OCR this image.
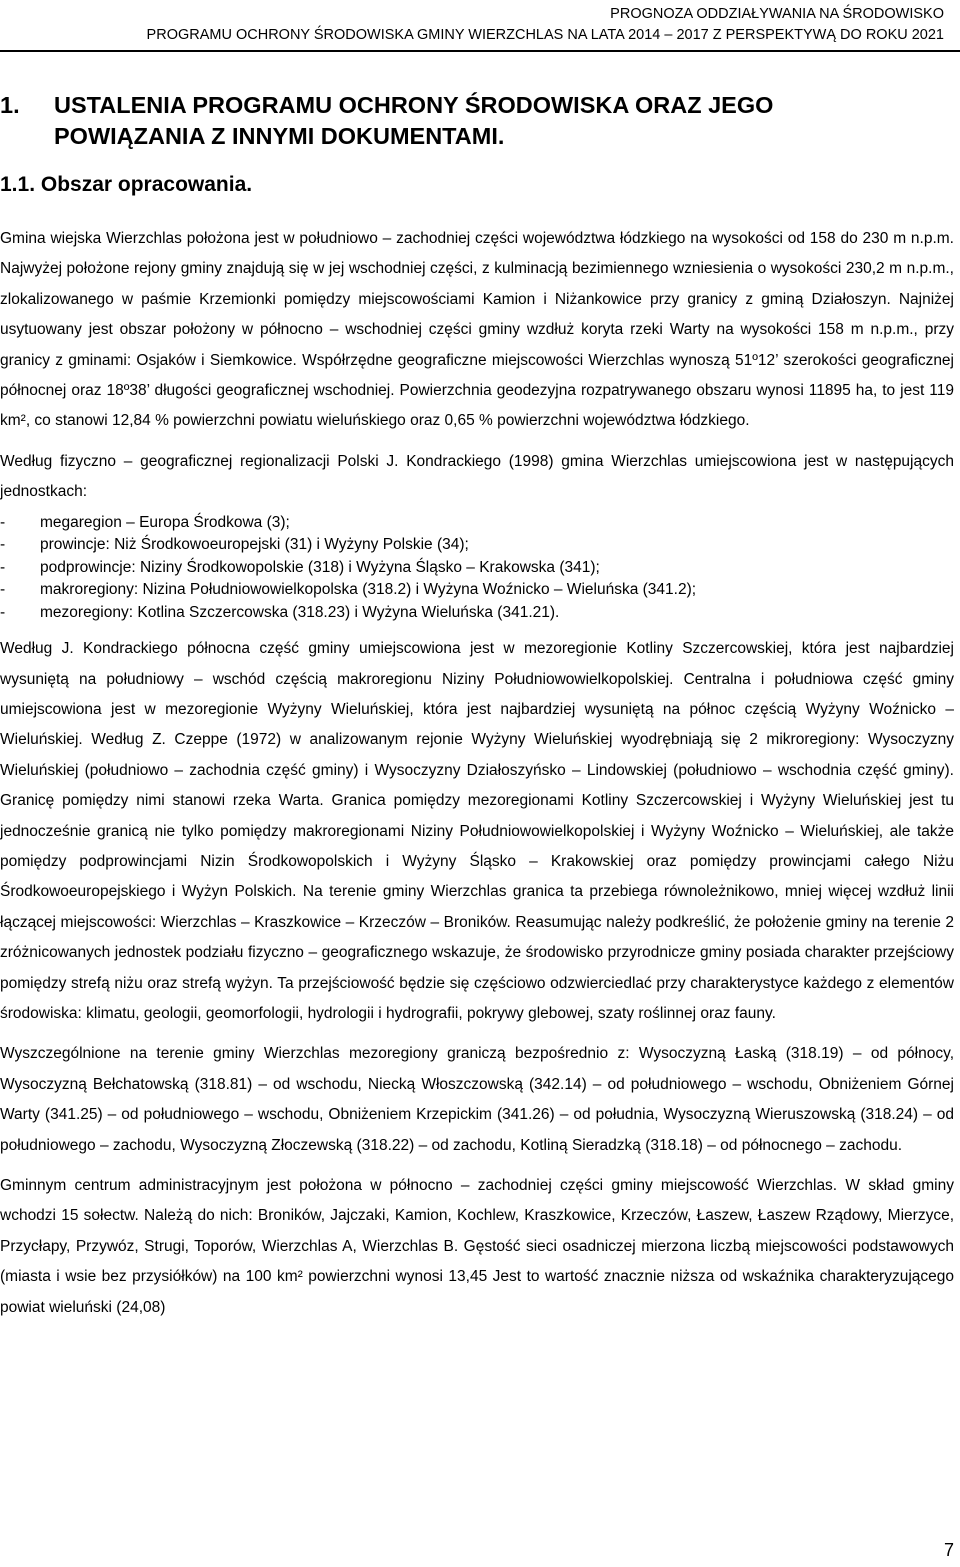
PROGNOZA ODDZIAŁYWANIA NA ŚRODOWISKO
PROGRAMU OCHRONY ŚRODOWISKA GMINY WIERZCHLAS NA LATA 2014 – 2017 Z PERSPEKTYWĄ DO ROKU 2021
1. USTALENIA PROGRAMU OCHRONY ŚRODOWISKA ORAZ JEGO
POWIĄZANIA Z INNYMI DOKUMENTAMI.
1.1. Obszar opracowania.

Gmina wiejska Wierzchlas położona jest w południowo – zachodniej części województwa łódzkiego na wysokości od 158 do 230 m n.p.m. Najwyżej położone rejony gminy znajdują się w jej wschodniej części, z kulminacją bezimiennego wzniesienia o wysokości 230,2 m n.p.m., zlokalizowanego w paśmie Krzemionki pomiędzy miejscowościami Kamion i Niżankowice przy granicy z gminą Działoszyn. Najniżej usytuowany jest obszar położony w północno – wschodniej części gminy wzdłuż koryta rzeki Warty na wysokości 158 m n.p.m., przy granicy z gminami: Osjaków i Siemkowice. Współrzędne geograficzne miejscowości Wierzchlas wynoszą 51º12’ szerokości geograficznej północnej oraz 18º38’ długości geograficznej wschodniej. Powierzchnia geodezyjna rozpatrywanego obszaru wynosi 11895 ha, to jest 119 km², co stanowi 12,84 % powierzchni powiatu wieluńskiego oraz 0,65 % powierzchni województwa łódzkiego.

Według fizyczno – geograficznej regionalizacji Polski J. Kondrackiego (1998) gmina Wierzchlas umiejscowiona jest w następujących jednostkach:

- megaregion – Europa Środkowa (3);
- prowincje: Niż Środkowoeuropejski (31) i Wyżyny Polskie (34);
- podprowincje: Niziny Środkowopolskie (318) i Wyżyna Śląsko – Krakowska (341);
- makroregiony: Nizina Południowowielkopolska (318.2) i Wyżyna Woźnicko – Wieluńska (341.2);
- mezoregiony: Kotlina Szczercowska (318.23) i Wyżyna Wieluńska (341.21).

Według J. Kondrackiego północna część gminy umiejscowiona jest w mezoregionie Kotliny Szczercowskiej, która jest najbardziej wysuniętą na południowy – wschód częścią makroregionu Niziny Południowowielkopolskiej. Centralna i południowa część gminy umiejscowiona jest w mezoregionie Wyżyny Wieluńskiej, która jest najbardziej wysuniętą na północ częścią Wyżyny Woźnicko – Wieluńskiej. Według Z. Czeppe (1972) w analizowanym rejonie Wyżyny Wieluńskiej wyodrębniają się 2 mikroregiony: Wysoczyzny Wieluńskiej (południowo – zachodnia część gminy) i Wysoczyzny Działoszyńsko – Lindowskiej (południowo – wschodnia część gminy). Granicę pomiędzy nimi stanowi rzeka Warta. Granica pomiędzy mezoregionami Kotliny Szczercowskiej i Wyżyny Wieluńskiej jest tu jednocześnie granicą nie tylko pomiędzy makroregionami Niziny Południowowielkopolskiej i Wyżyny Woźnicko – Wieluńskiej, ale także pomiędzy podprowincjami Nizin Środkowopolskich i Wyżyny Śląsko – Krakowskiej oraz pomiędzy prowincjami całego Niżu Środkowoeuropejskiego i Wyżyn Polskich. Na terenie gminy Wierzchlas granica ta przebiega równoleżnikowo, mniej więcej wzdłuż linii łączącej miejscowości: Wierzchlas – Kraszkowice – Krzeczów – Broników. Reasumując należy podkreślić, że położenie gminy na terenie 2 zróżnicowanych jednostek podziału fizyczno – geograficznego wskazuje, że środowisko przyrodnicze gminy posiada charakter przejściowy pomiędzy strefą niżu oraz strefą wyżyn. Ta przejściowość będzie się częściowo odzwierciedlać przy charakterystyce każdego z elementów środowiska: klimatu, geologii, geomorfologii, hydrologii i hydrografii, pokrywy glebowej, szaty roślinnej oraz fauny.

Wyszczególnione na terenie gminy Wierzchlas mezoregiony graniczą bezpośrednio z: Wysoczyzną Łaską (318.19) – od północy, Wysoczyzną Bełchatowską (318.81) – od wschodu, Niecką Włoszczowską (342.14) – od południowego – wschodu, Obniżeniem Górnej Warty (341.25) – od południowego – wschodu, Obniżeniem Krzepickim (341.26) – od południa, Wysoczyzną Wieruszowską (318.24) – od południowego – zachodu, Wysoczyzną Złoczewską (318.22) – od zachodu, Kotliną Sieradzką (318.18) – od północnego – zachodu.

Gminnym centrum administracyjnym jest położona w północno – zachodniej części gminy miejscowość Wierzchlas. W skład gminy wchodzi 15 sołectw. Należą do nich: Broników, Jajczaki, Kamion, Kochlew, Kraszkowice, Krzeczów, Łaszew, Łaszew Rządowy, Mierzyce, Przycłapy, Przywóz, Strugi, Toporów, Wierzchlas A, Wierzchlas B. Gęstość sieci osadniczej mierzona liczbą miejscowości podstawowych (miasta i wsie bez przysiółków) na 100 km² powierzchni wynosi 13,45 Jest to wartość znacznie niższa od wskaźnika charakteryzującego powiat wieluński (24,08)

7
